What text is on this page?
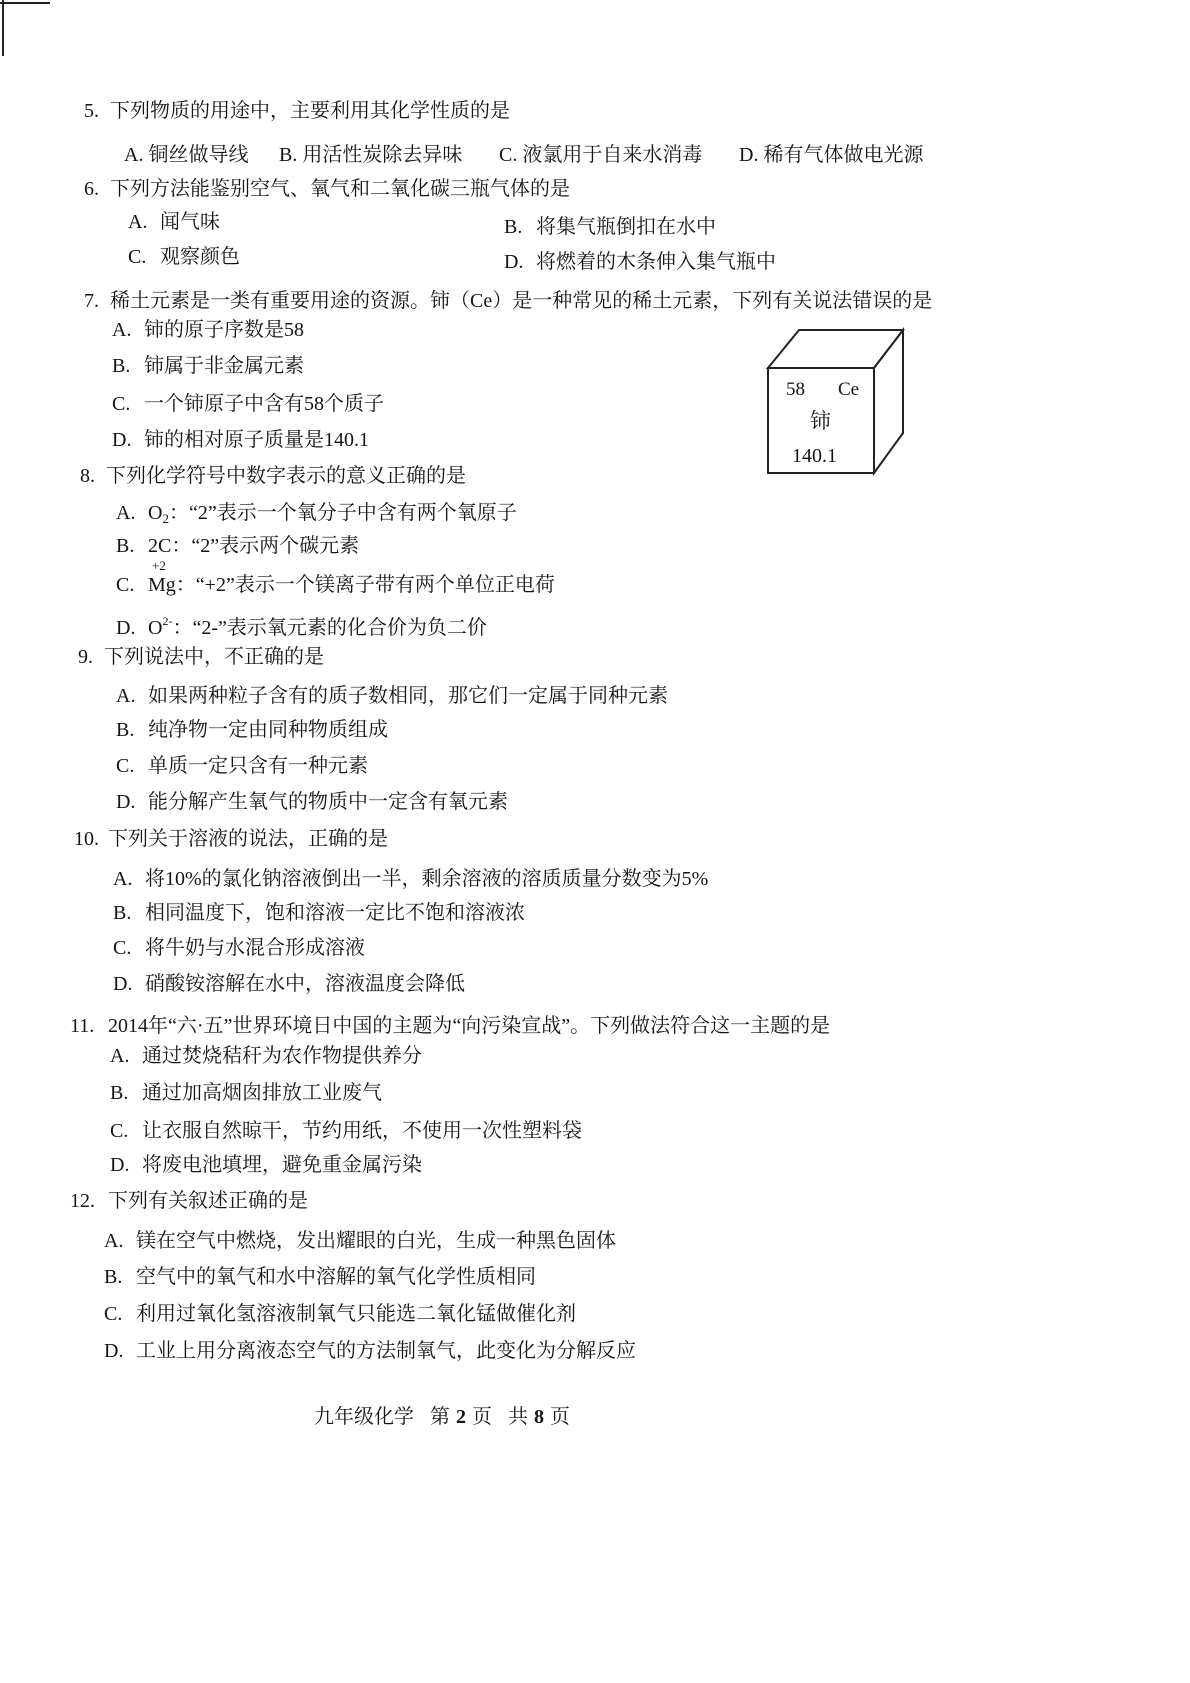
5. 下列物质的用途中，主要利用其化学性质的是
A. 铜丝做导线 B. 用活性炭除去异味 C. 液氯用于自来水消毒 D. 稀有气体做电光源
6. 下列方法能鉴别空气、氧气和二氧化碳三瓶气体的是
A. 闻气味	B. 将集气瓶倒扣在水中
C. 观察颜色	D. 将燃着的木条伸入集气瓶中
7. 稀土元素是一类有重要用途的资源。铈（Ce）是一种常见的稀土元素，下列有关说法错误的是
A. 铈的原子序数是58
B. 铈属于非金属元素
C. 一个铈原子中含有58个质子
D. 铈的相对原子质量是140.1
58 Ce
铈
140.1
8. 下列化学符号中数字表示的意义正确的是
A. $O_2$：“2”表示一个氧分子中含有两个氧原子
B. 2C：“2”表示两个碳元素
C.
+2
Mg：“+2”表示一个镁离子带有两个单位正电荷
D. $O^{2-}$：“2-”表示氧元素的化合价为负二价
9. 下列说法中，不正确的是
A. 如果两种粒子含有的质子数相同，那它们一定属于同种元素
B. 纯净物一定由同种物质组成
C. 单质一定只含有一种元素
D. 能分解产生氧气的物质中一定含有氧元素
10. 下列关于溶液的说法，正确的是
A. 将10%的氯化钠溶液倒出一半，剩余溶液的溶质质量分数变为5%
B. 相同温度下，饱和溶液一定比不饱和溶液浓
C. 将牛奶与水混合形成溶液
D. 硝酸铵溶解在水中，溶液温度会降低
11. 2014年“六·五”世界环境日中国的主题为“向污染宣战”。下列做法符合这一主题的是
A. 通过焚烧秸秆为农作物提供养分
B. 通过加高烟囱排放工业废气
C. 让衣服自然晾干，节约用纸，不使用一次性塑料袋
D. 将废电池填埋，避免重金属污染
12. 下列有关叙述正确的是
A. 镁在空气中燃烧，发出耀眼的白光，生成一种黑色固体
B. 空气中的氧气和水中溶解的氧气化学性质相同
C. 利用过氧化氢溶液制氧气只能选二氧化锰做催化剂
D. 工业上用分离液态空气的方法制氧气，此变化为分解反应
九年级化学 第 2 页 共 8 页
